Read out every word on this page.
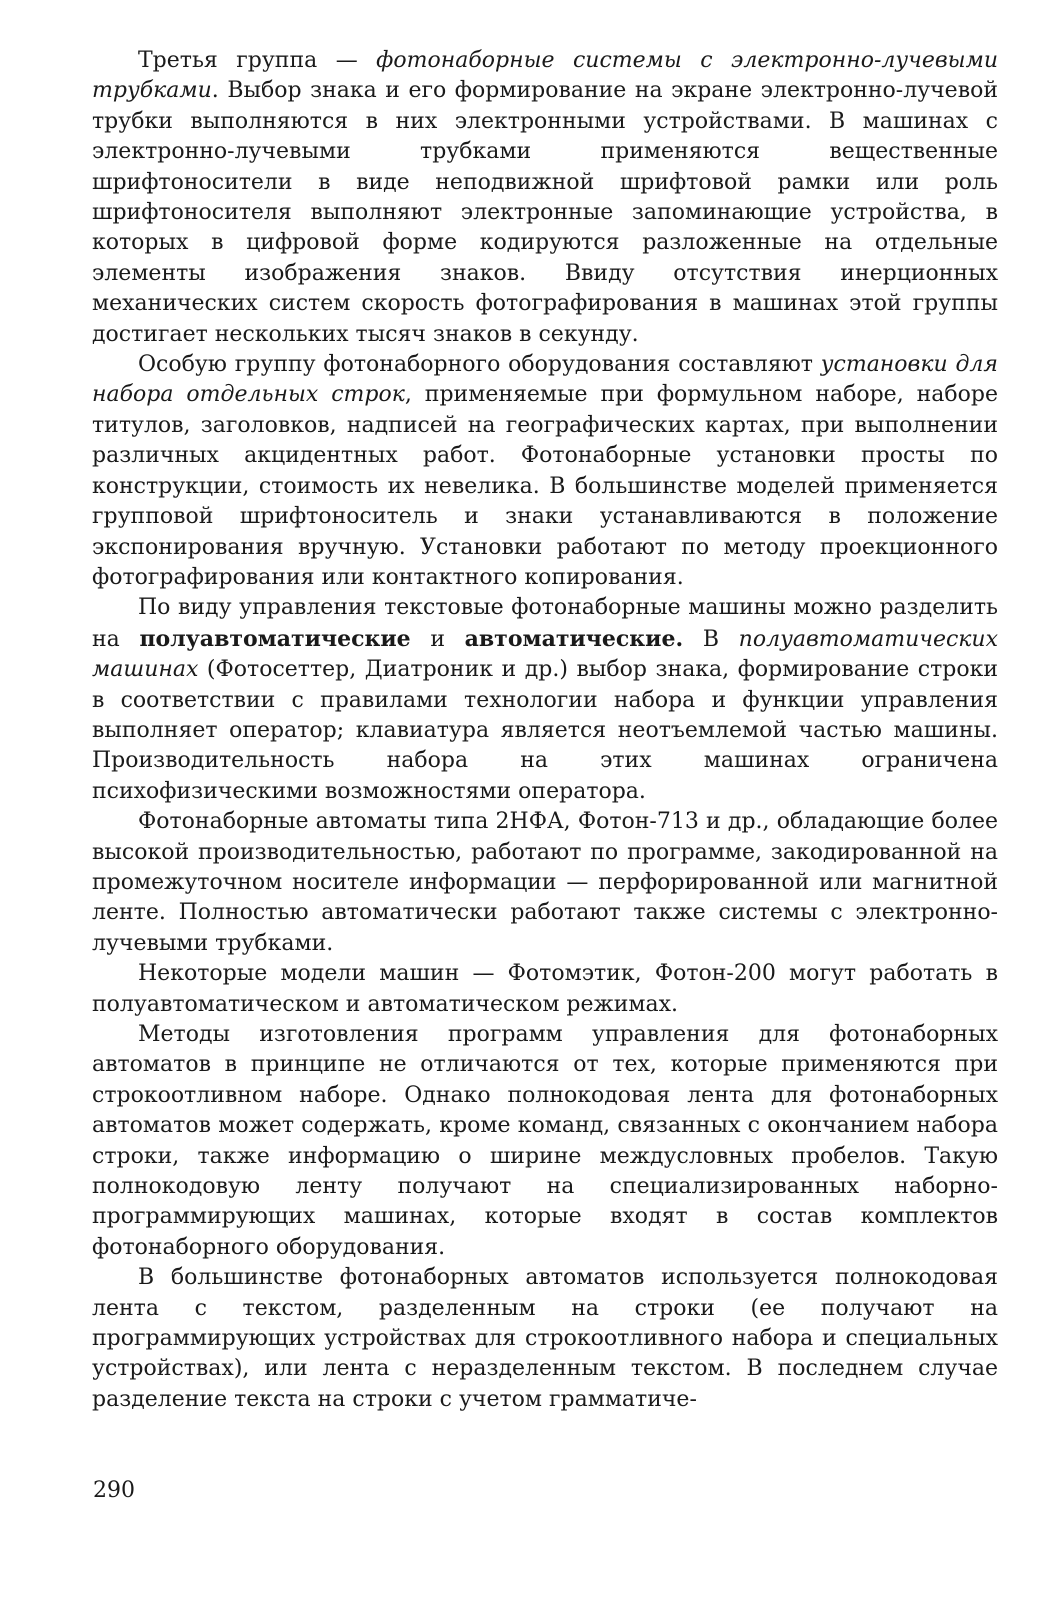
Третья группа — фотонаборные системы с электронно-лучевыми трубками. Выбор знака и его формирование на экране электронно-лучевой трубки выполняются в них электронными устройствами. В машинах с электронно-лучевыми трубками применяются вещественные шрифтоносители в виде неподвижной шрифтовой рамки или роль шрифтоносителя выполняют электронные запоминающие устройства, в которых в цифровой форме кодируются разложенные на отдельные элементы изображения знаков. Ввиду отсутствия инерционных механических систем скорость фотографирования в машинах этой группы достигает нескольких тысяч знаков в секунду.

Особую группу фотонаборного оборудования составляют установки для набора отдельных строк, применяемые при формульном наборе, наборе титулов, заголовков, надписей на географических картах, при выполнении различных акцидентных работ. Фотонаборные установки просты по конструкции, стоимость их невелика. В большинстве моделей применяется групповой шрифтоноситель и знаки устанавливаются в положение экспонирования вручную. Установки работают по методу проекционного фотографирования или контактного копирования.

По виду управления текстовые фотонаборные машины можно разделить на полуавтоматические и автоматические. В полуавтоматических машинах (Фотосеттер, Диатроник и др.) выбор знака, формирование строки в соответствии с правилами технологии набора и функции управления выполняет оператор; клавиатура является неотъемлемой частью машины. Производительность набора на этих машинах ограничена психофизическими возможностями оператора.

Фотонаборные автоматы типа 2НФА, Фотон-713 и др., обладающие более высокой производительностью, работают по программе, закодированной на промежуточном носителе информации — перфорированной или магнитной ленте. Полностью автоматически работают также системы с электронно-лучевыми трубками.

Некоторые модели машин — Фотомэтик, Фотон-200 могут работать в полуавтоматическом и автоматическом режимах.

Методы изготовления программ управления для фотонаборных автоматов в принципе не отличаются от тех, которые применяются при строкоотливном наборе. Однако полнокодовая лента для фотонаборных автоматов может содержать, кроме команд, связанных с окончанием набора строки, также информацию о ширине междусловных пробелов. Такую полнокодовую ленту получают на специализированных наборно-программирующих машинах, которые входят в состав комплектов фотонаборного оборудования.

В большинстве фотонаборных автоматов используется полнокодовая лента с текстом, разделенным на строки (ее получают на программирующих устройствах для строкоотливного набора и специальных устройствах), или лента с неразделенным текстом. В последнем случае разделение текста на строки с учетом грамматиче-

290
